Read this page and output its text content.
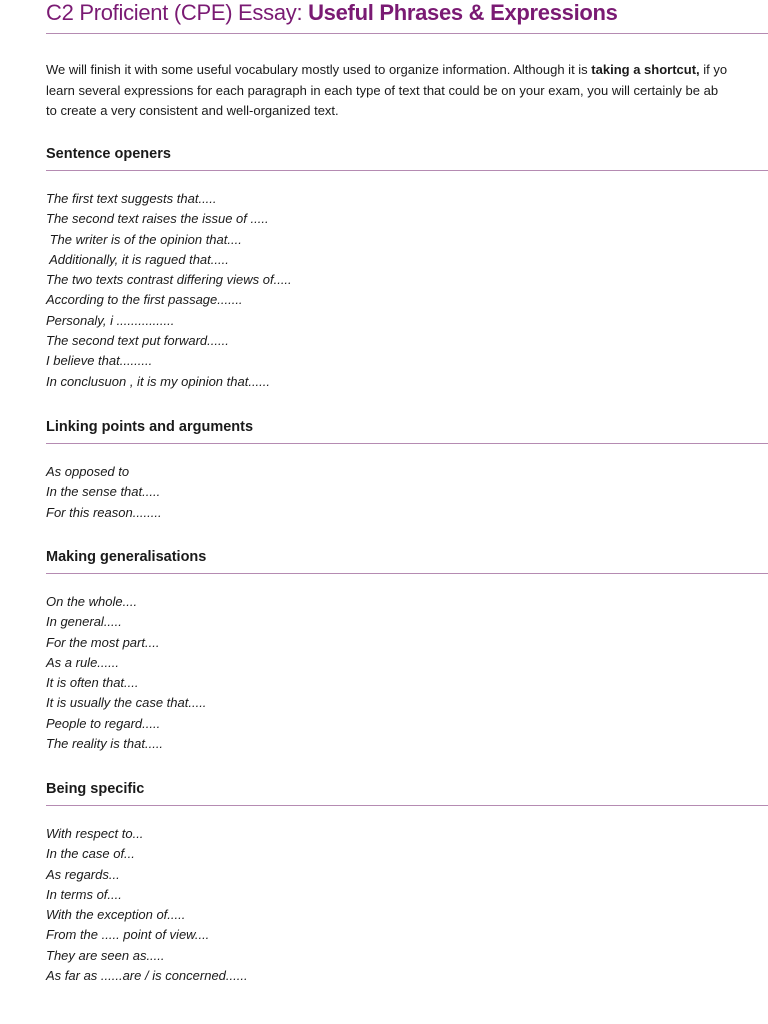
C2 Proficient (CPE) Essay: Useful Phrases & Expressions
We will finish it with some useful vocabulary mostly used to organize information. Although it is taking a shortcut, if yo
learn several expressions for each paragraph in each type of text that could be on your exam, you will certainly be ab
to create a very consistent and well-organized text.
Sentence openers
The first text suggests that.....
The second text raises the issue of .....
The writer is of the opinion that....
Additionally, it is ragued that.....
The two texts contrast differing views of.....
According to the first passage.......
Personaly, i ................
The second text put forward......
I believe that.........
In conclusuon , it is my opinion that......
Linking points and arguments
As opposed to
In the sense that.....
For this reason........
Making generalisations
On the whole....
In general.....
For the most part....
As a rule......
It is often that....
It is usually the case that.....
People to regard.....
The reality is that.....
Being specific
With respect to...
In the case of...
As regards...
In terms of....
With the exception of.....
From the ..... point of view....
They are seen as.....
As far as ......are / is concerned......
